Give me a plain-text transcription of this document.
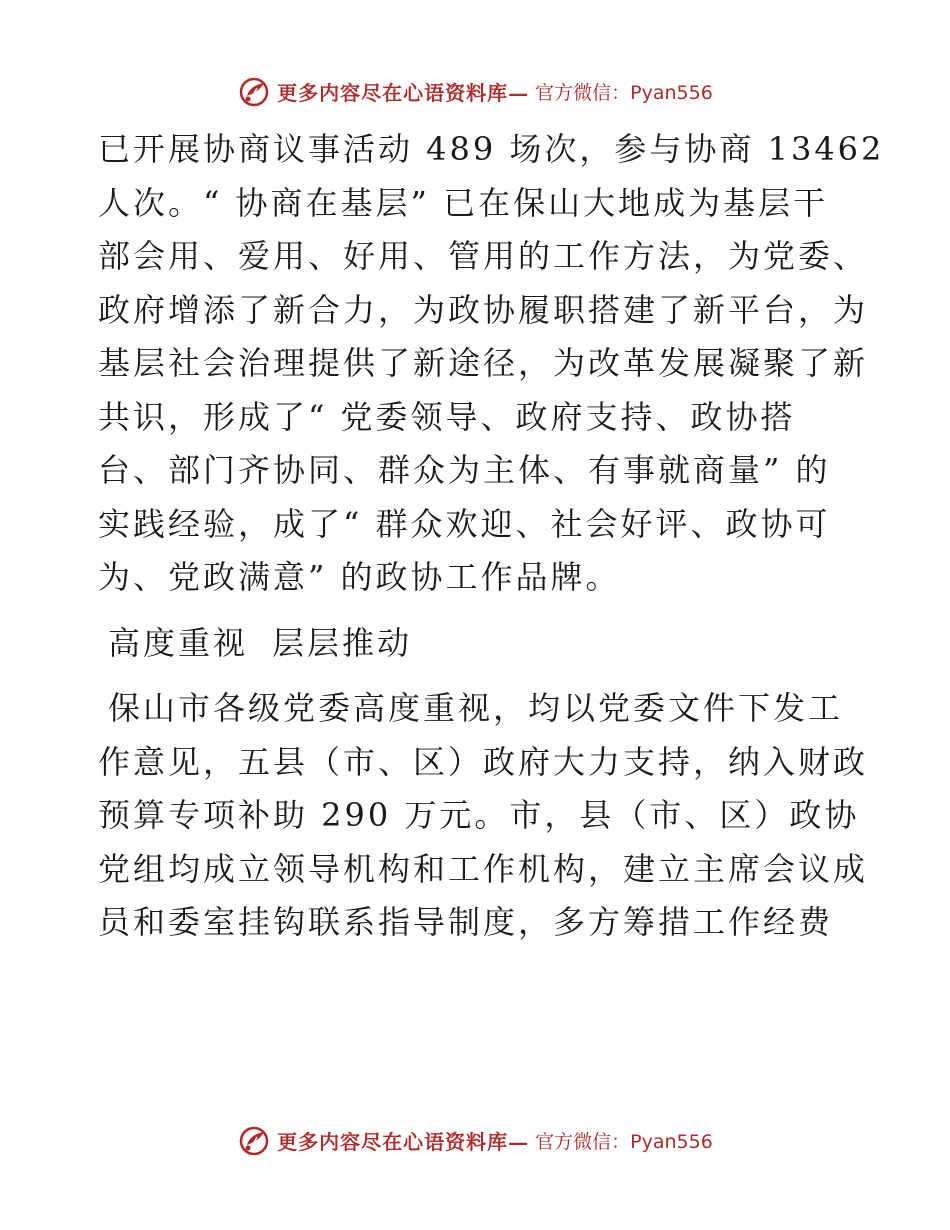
更多内容尽在心语资料库— 官方微信：Pyan556

已开展协商议事活动 489 场次，参与协商 13462
人次。“ 协商在基层” 已在保山大地成为基层干
部会用、爱用、好用、管用的工作方法，为党委、
政府增添了新合力，为政协履职搭建了新平台，为
基层社会治理提供了新途径，为改革发展凝聚了新
共识，形成了“ 党委领导、政府支持、政协搭
台、部门齐协同、群众为主体、有事就商量” 的
实践经验，成了“ 群众欢迎、社会好评、政协可
为、党政满意” 的政协工作品牌。

高度重视 层层推动

保山市各级党委高度重视，均以党委文件下发工
作意见，五县（市、区）政府大力支持，纳入财政
预算专项补助 290 万元。市，县（市、区）政协
党组均成立领导机构和工作机构，建立主席会议成
员和委室挂钩联系指导制度，多方筹措工作经费

更多内容尽在心语资料库— 官方微信：Pyan556
